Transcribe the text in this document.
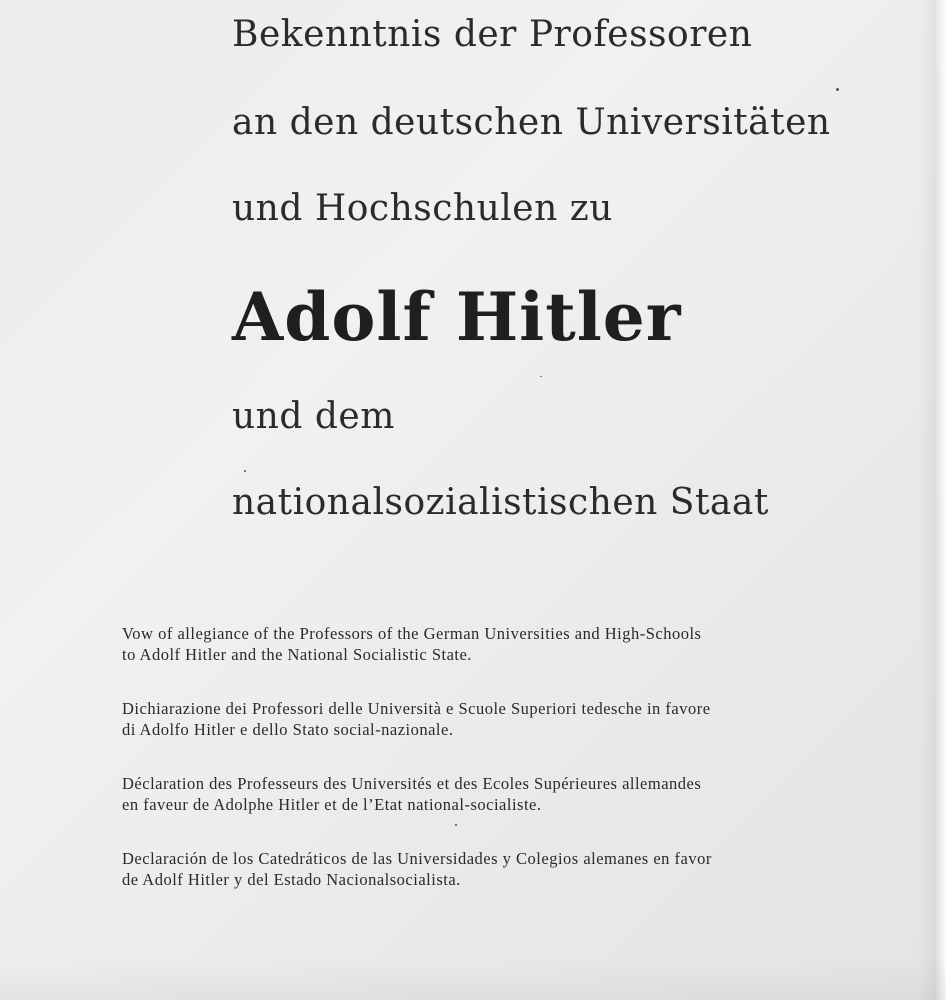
Bekenntnis der Professoren
an den deutschen Universitäten
und Hochschulen zu
Adolf Hitler
und dem
nationalsozialistischen Staat
Vow of allegiance of the Professors of the German Universities and High-Schools
to Adolf Hitler and the National Socialistic State.
Dichiarazione dei Professori delle Università e Scuole Superiori tedesche in favore
di Adolfo Hitler e dello Stato social-nazionale.
Déclaration des Professeurs des Universités et des Ecoles Supérieures allemandes
en faveur de Adolphe Hitler et de l’Etat national-socialiste.
Declaración de los Catedráticos de las Universidades y Colegios alemanes en favor
de Adolf Hitler y del Estado Nacionalsocialista.
